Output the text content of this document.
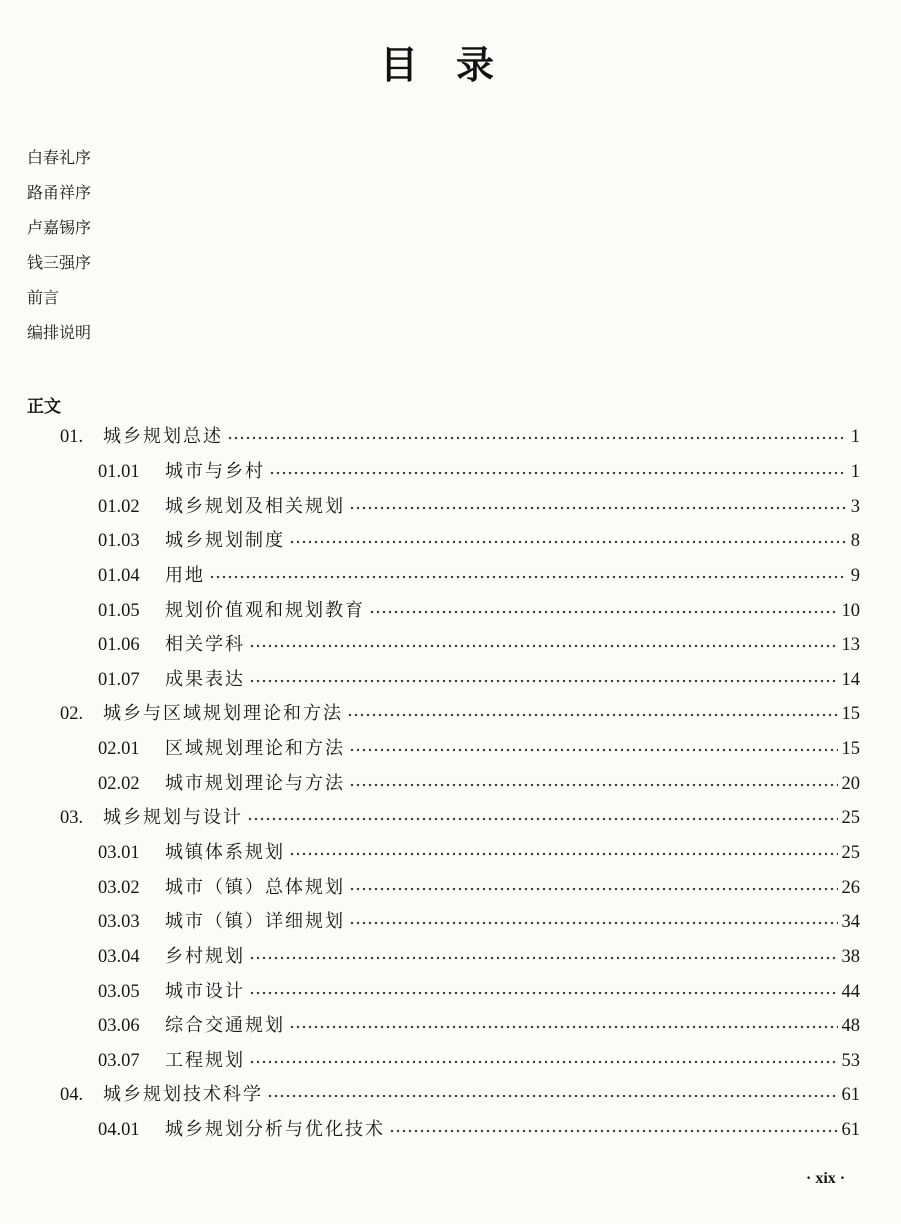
目　录
白春礼序
路甬祥序
卢嘉锡序
钱三强序
前言
编排说明
正文
01. 城乡规划总述	1
01.01 城市与乡村	1
01.02 城乡规划及相关规划	3
01.03 城乡规划制度	8
01.04 用地	9
01.05 规划价值观和规划教育	10
01.06 相关学科	13
01.07 成果表达	14
02. 城乡与区域规划理论和方法	15
02.01 区域规划理论和方法	15
02.02 城市规划理论与方法	20
03. 城乡规划与设计	25
03.01 城镇体系规划	25
03.02 城市（镇）总体规划	26
03.03 城市（镇）详细规划	34
03.04 乡村规划	38
03.05 城市设计	44
03.06 综合交通规划	48
03.07 工程规划	53
04. 城乡规划技术科学	61
04.01 城乡规划分析与优化技术	61
· xix ·
